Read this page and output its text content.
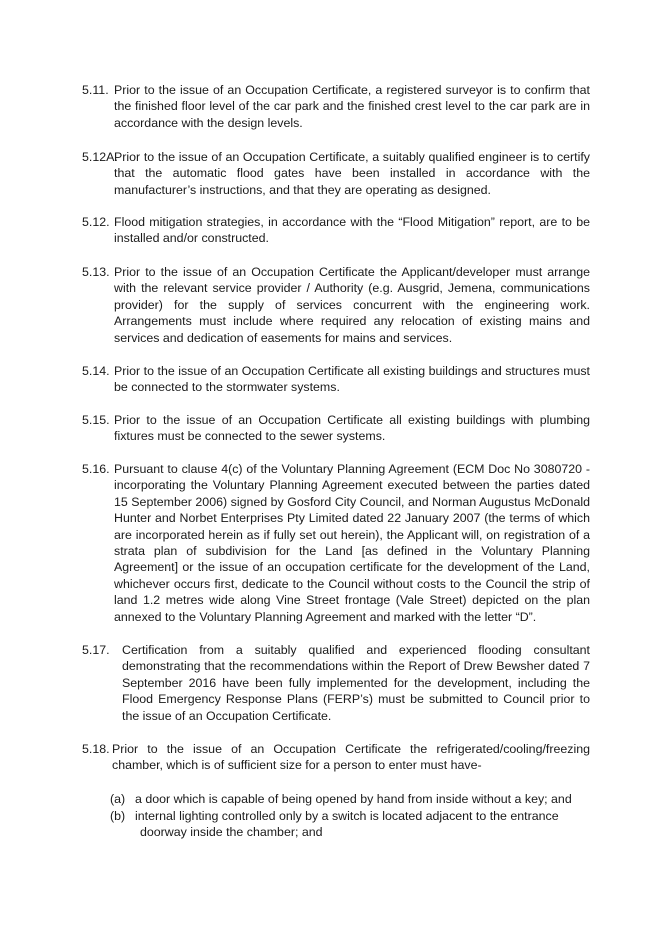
5.11. Prior to the issue of an Occupation Certificate, a registered surveyor is to confirm that the finished floor level of the car park and the finished crest level to the car park are in accordance with the design levels.
5.12A.
Prior to the issue of an Occupation Certificate, a suitably qualified engineer is to certify that the automatic flood gates have been installed in accordance with the manufacturer’s instructions, and that they are operating as designed.
5.12. Flood mitigation strategies, in accordance with the “Flood Mitigation” report, are to be installed and/or constructed.
5.13. Prior to the issue of an Occupation Certificate the Applicant/developer must arrange with the relevant service provider / Authority (e.g. Ausgrid, Jemena, communications provider) for the supply of services concurrent with the engineering work. Arrangements must include where required any relocation of existing mains and services and dedication of easements for mains and services.
5.14. Prior to the issue of an Occupation Certificate all existing buildings and structures must be connected to the stormwater systems.
5.15. Prior to the issue of an Occupation Certificate all existing buildings with plumbing fixtures must be connected to the sewer systems.
5.16. Pursuant to clause 4(c) of the Voluntary Planning Agreement (ECM Doc No 3080720 - incorporating the Voluntary Planning Agreement executed between the parties dated 15 September 2006) signed by Gosford City Council, and Norman Augustus McDonald Hunter and Norbet Enterprises Pty Limited dated 22 January 2007 (the terms of which are incorporated herein as if fully set out herein), the Applicant will, on registration of a strata plan of subdivision for the Land [as defined in the Voluntary Planning Agreement] or the issue of an occupation certificate for the development of the Land, whichever occurs first, dedicate to the Council without costs to the Council the strip of land 1.2 metres wide along Vine Street frontage (Vale Street) depicted on the plan annexed to the Voluntary Planning Agreement and marked with the letter “D”.
5.17. Certification from a suitably qualified and experienced flooding consultant demonstrating that the recommendations within the Report of Drew Bewsher dated 7 September 2016 have been fully implemented for the development, including the Flood Emergency Response Plans (FERP’s) must be submitted to Council prior to the issue of an Occupation Certificate.
5.18. Prior to the issue of an Occupation Certificate the refrigerated/cooling/freezing chamber, which is of sufficient size for a person to enter must have-
(a) a door which is capable of being opened by hand from inside without a key; and
(b) internal lighting controlled only by a switch is located adjacent to the entrance
doorway inside the chamber; and
